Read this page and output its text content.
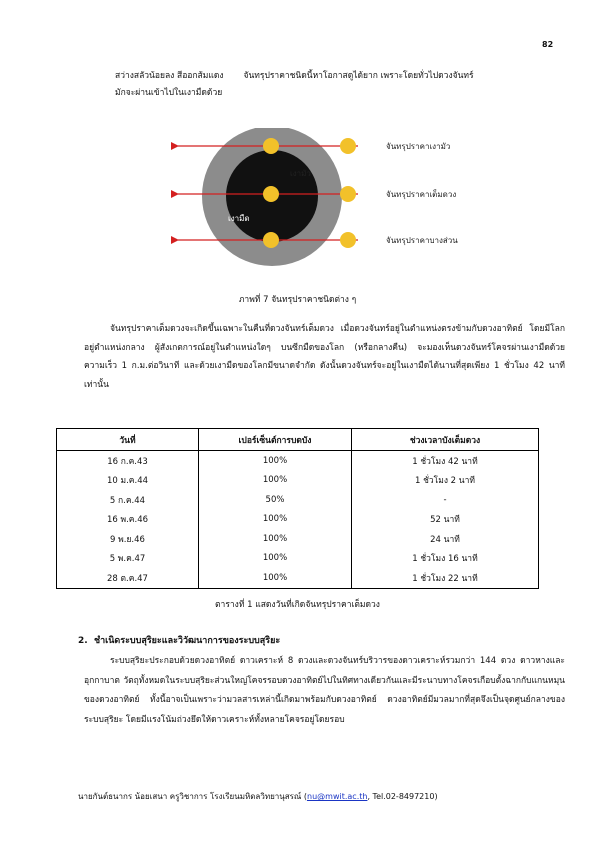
82
สว่างสลัวน้อยลง สีออกส้มแดง จันทรุปราคาชนิดนี้หาโอกาสดูได้ยาก เพราะโดยทั่วไปดวงจันทร์
มักจะผ่านเข้าไปในเงามืดด้วย
เงามัว
เงามืด
จันทรุปราคาเงามัว
จันทรุปราคาเต็มดวง
จันทรุปราคาบางส่วน
ภาพที่ 7 จันทรุปราคาชนิดต่าง ๆ
จันทรุปราคาเต็มดวงจะเกิดขึ้นเฉพาะในคืนที่ดวงจันทร์เต็มดวง เมื่อดวงจันทร์อยู่ในตำแหน่งตรงข้ามกับดวงอาทิตย์ โดยมีโลกอยู่ตำแหน่งกลาง ผู้สังเกตการณ์อยู่ในตำแหน่งใดๆ บนซีกมืดของโลก (หรือกลางคืน) จะมองเห็นดวงจันทร์โคจรผ่านเงามืดด้วยความเร็ว 1 ก.ม.ต่อวินาที และด้วยเงามืดของโลกมีขนาดจำกัด ดังนั้นดวงจันทร์จะอยู่ในเงามืดได้นานที่สุดเพียง 1 ชั่วโมง 42 นาที เท่านั้น
วันที่	เปอร์เซ็นต์การบดบัง	ช่วงเวลาบังเต็มดวง
16 ก.ค.43	100%	1 ชั่วโมง 42 นาที
10 ม.ค.44	100%	1 ชั่วโมง 2 นาที
5 ก.ค.44	50%	-
16 พ.ค.46	100%	52 นาที
9 พ.ย.46	100%	24 นาที
5 พ.ค.47	100%	1 ชั่วโมง 16 นาที
28 ต.ค.47	100%	1 ชั่วโมง 22 นาที
ตารางที่ 1 แสดงวันที่เกิดจันทรุปราคาเต็มดวง
2. ชำเนิดระบบสุริยะและวิวัฒนาการของระบบสุริยะ
ระบบสุริยะประกอบด้วยดวงอาทิตย์ ดาวเคราะห์ 8 ดวงและดวงจันทร์บริวารของดาวเคราะห์รวมกว่า 144 ดวง ดาวหางและอุกกาบาต วัตถุทั้งหมดในระบบสุริยะส่วนใหญ่โคจรรอบดวงอาทิตย์ไปในทิศทางเดียวกันและมีระนาบทางโคจรเกือบตั้งฉากกับแกนหมุนของดวงอาทิตย์ ทั้งนี้อาจเป็นเพราะว่ามวลสารเหล่านี้เกิดมาพร้อมกับดวงอาทิตย์ ดวงอาทิตย์มีมวลมากที่สุดจึงเป็นจุดศูนย์กลางของระบบสุริยะ โดยมีแรงโน้มถ่วงยึดให้ดาวเคราะห์ทั้งหลายโคจรอยู่โดยรอบ
นายกันต์ธนากร น้อยเสนา ครูวิชาการ โรงเรียนมหิดลวิทยานุสรณ์ (nu@mwit.ac.th, Tel.02-8497210)
